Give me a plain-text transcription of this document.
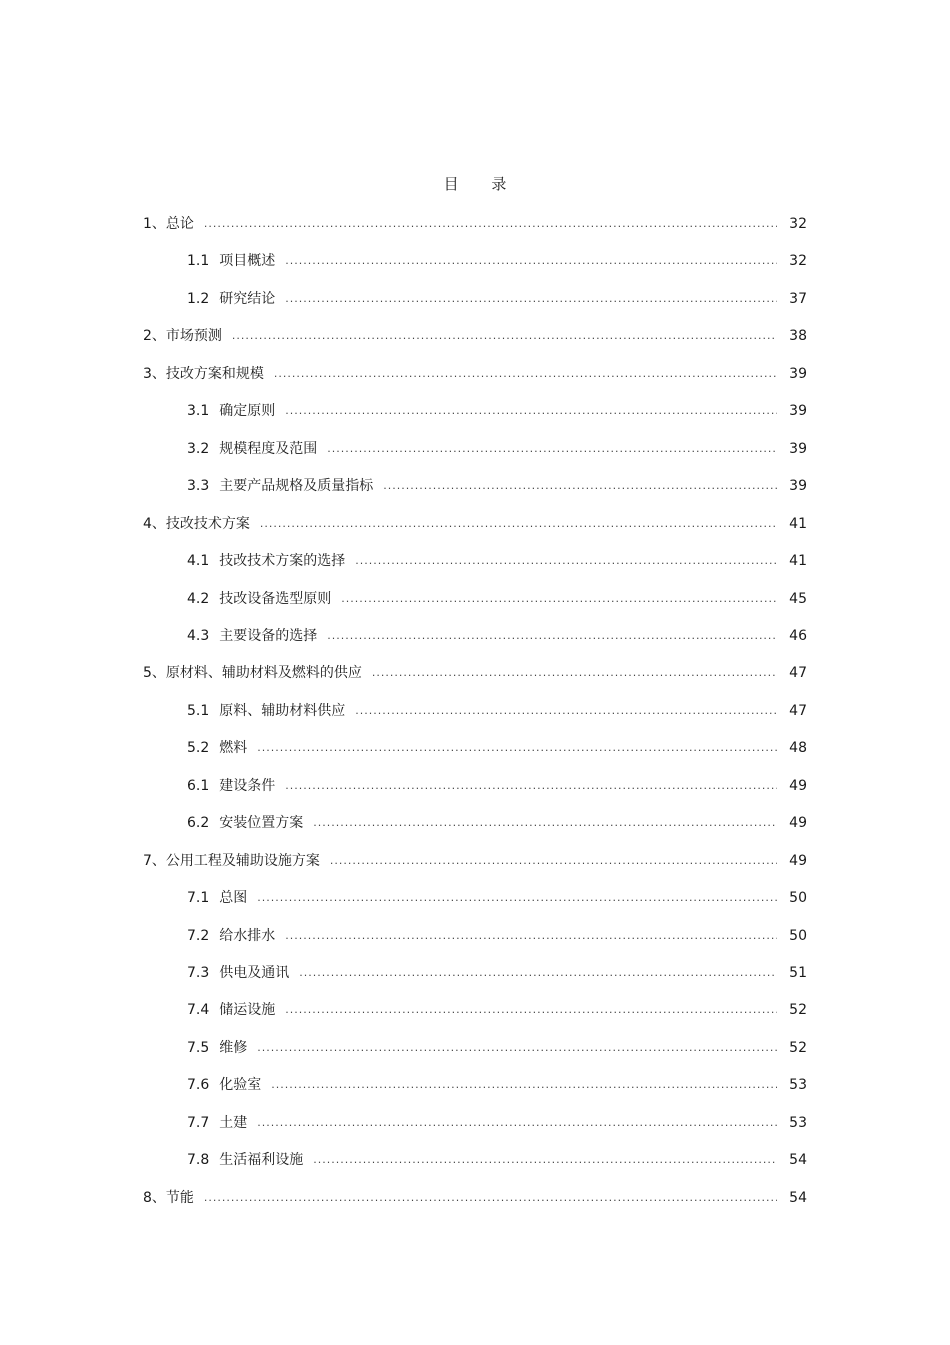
目 录
1、 总论 .....	32
1.1 项目概述 .....	32
1.2 研究结论 .....	37
2、 市场预测 .....	38
3、 技改方案和规模 .....	39
3.1 确定原则 .....	39
3.2 规模程度及范围 .....	39
3.3 主要产品规格及质量指标 .....	39
4、 技改技术方案 .....	41
4.1 技改技术方案的选择 .....	41
4.2 技改设备选型原则 .....	45
4.3 主要设备的选择 .....	46
5、 原材料、辅助材料及燃料的供应 .....	47
5.1 原料、辅助材料供应 .....	47
5.2 燃料 .....	48
6.1 建设条件 .....	49
6.2 安装位置方案 .....	49
7、 公用工程及辅助设施方案 .....	49
7.1 总图 .....	50
7.2 给水排水 .....	50
7.3 供电及通讯 .....	51
7.4 储运设施 .....	52
7.5 维修 .....	52
7.6 化验室 .....	53
7.7 土建 .....	53
7.8 生活福利设施 .....	54
8、 节能 .....	54
